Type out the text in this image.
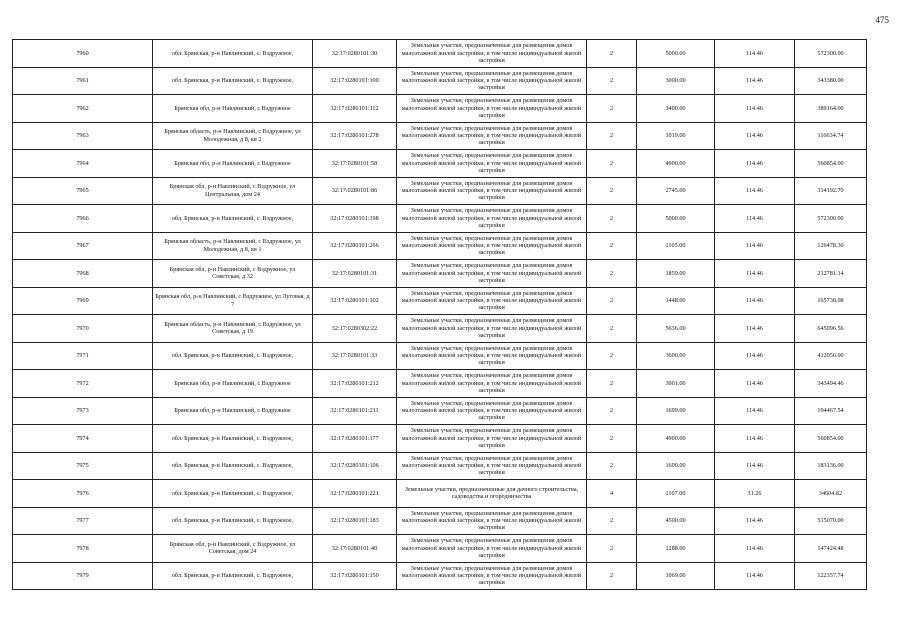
475
7960	обл. Брянская, р-н Навлинский, с. Вздружное,	32:17:0280101:30	Земельные участки, предназначенные для размещения домов малоэтажной жилой застройки, в том числе индивидуальной жилой застройки	2	5000.00	114.46	572300.00
7961	обл. Брянская, р-н Навлинский, с. Вздружное,	32:17:0280101:100	Земельные участки, предназначенные для размещения домов малоэтажной жилой застройки, в том числе индивидуальной жилой застройки	2	3000.00	114.46	343380.00
7962	Брянская обл, р-н Навлинский, с Вздружное	32:17:0280101:112	Земельные участки, предназначенные для размещения домов малоэтажной жилой застройки, в том числе индивидуальной жилой застройки	2	3400.00	114.46	389164.00
7963	Брянская область, р-н Навлинский, с Вздружное, ул Молодежная, д 8, кв 2	32:17:0280101:278	Земельные участки, предназначенные для размещения домов малоэтажной жилой застройки, в том числе индивидуальной жилой застройки	2	1019.00	114.46	116634.74
7964	Брянская обл, р-н Навлинский, с Вздружное	32:17:0280101:58	Земельные участки, предназначенные для размещения домов малоэтажной жилой застройки, в том числе индивидуальной жилой застройки	2	4900.00	114.46	560854.00
7965	Брянская обл, р-н Навлинский, с Вздружное, ул Центральная, дом 24	32:17:0280101:86	Земельные участки, предназначенные для размещения домов малоэтажной жилой застройки, в том числе индивидуальной жилой застройки	2	2745.00	114.46	314192.70
7966	обл. Брянская, р-н Навлинский, с. Вздружное,	32:17:0280101:198	Земельные участки, предназначенные для размещения домов малоэтажной жилой застройки, в том числе индивидуальной жилой застройки	2	5000.00	114.46	572300.00
7967	Брянская область, р-н Навлинский, с Вздружное, ул Молодежная, д 8, кв 1	32:17:0280101:266	Земельные участки, предназначенные для размещения домов малоэтажной жилой застройки, в том числе индивидуальной жилой застройки	2	1105.00	114.46	126478.30
7968	Брянская обл, р-н Навлинский, с Вздружное, ул Советская, д 32	32:17:0280101:31	Земельные участки, предназначенные для размещения домов малоэтажной жилой застройки, в том числе индивидуальной жилой застройки	2	1859.00	114.46	212781.14
7969	Брянская обл, р-н Навлинский, с Вздружное, ул Луговая, д 7	32:17:0280101:102	Земельные участки, предназначенные для размещения домов малоэтажной жилой застройки, в том числе индивидуальной жилой застройки	2	1448.00	114.46	165738.08
7970	Брянская область, р-н Навлинский, с Вздружное, ул Советская, д 19	32:17:0280302:22	Земельные участки, предназначенные для размещения домов малоэтажной жилой застройки, в том числе индивидуальной жилой застройки	2	5636.00	114.46	645096.56
7971	обл. Брянская, р-н Навлинский, с. Вздружное,	32:17:0280101:33	Земельные участки, предназначенные для размещения домов малоэтажной жилой застройки, в том числе индивидуальной жилой застройки	2	3600.00	114.46	412056.00
7972	Брянская обл, р-н Навлинский, с Вздружное	32:17:0280101:212	Земельные участки, предназначенные для размещения домов малоэтажной жилой застройки, в том числе индивидуальной жилой застройки	2	3001.00	114.46	343494.46
7973	Брянская обл, р-н Навлинский, с Вздружное	32:17:0280101:211	Земельные участки, предназначенные для размещения домов малоэтажной жилой застройки, в том числе индивидуальной жилой застройки	2	1699.00	114.46	194467.54
7974	обл. Брянская, р-н Навлинский, с. Вздружное,	32:17:0280101:177	Земельные участки, предназначенные для размещения домов малоэтажной жилой застройки, в том числе индивидуальной жилой застройки	2	4900.00	114.46	560854.00
7975	обл. Брянская, р-н Навлинский, с. Вздружное,	32:17:0280101:106	Земельные участки, предназначенные для размещения домов малоэтажной жилой застройки, в том числе индивидуальной жилой застройки	2	1600.00	114.46	183136.00
7976	обл. Брянская, р-н Навлинский, с. Вздружное,	32:17:0280101:221	Земельные участки, предназначенные для дачного строительства, садоводства и огородничества	4	1107.00	31.26	34604.82
7977	обл. Брянская, р-н Навлинский, с. Вздружное,	32:17:0280101:183	Земельные участки, предназначенные для размещения домов малоэтажной жилой застройки, в том числе индивидуальной жилой застройки	2	4500.00	114.46	515070.00
7978	Брянская обл, р-н Навлинский, с Вздружное, ул Советская, дом 24	32:17:0280101:40	Земельные участки, предназначенные для размещения домов малоэтажной жилой застройки, в том числе индивидуальной жилой застройки	2	1288.00	114.46	147424.48
7979	обл. Брянская, р-н Навлинский, с. Вздружное,	32:17:0280101:150	Земельные участки, предназначенные для размещения домов малоэтажной жилой застройки, в том числе индивидуальной жилой застройки	2	1069.00	114.46	122357.74
